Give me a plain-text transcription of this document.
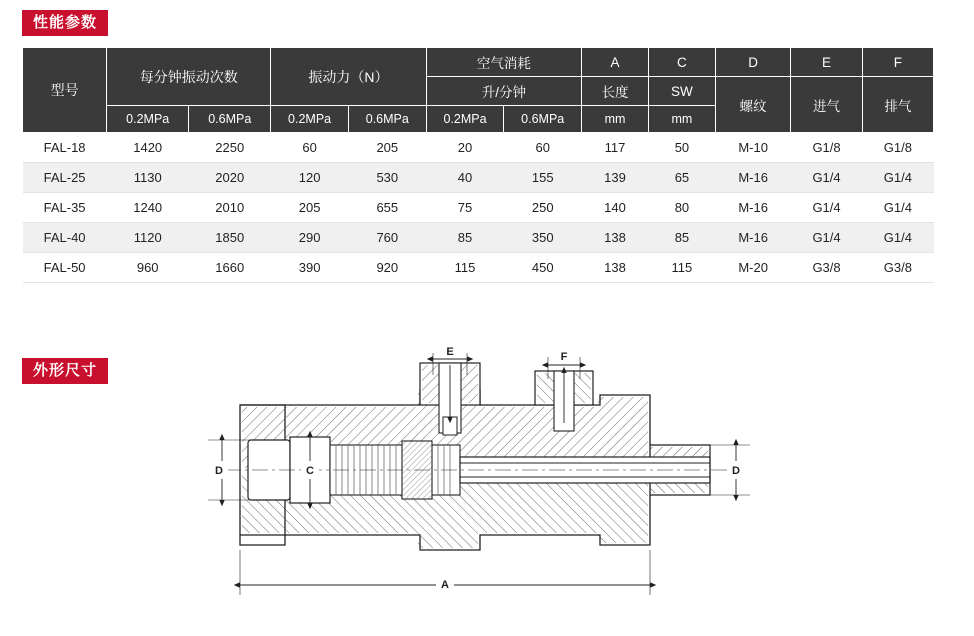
性能参数
型号	每分钟振动次数		振动力（N）		空气消耗		A	C	D	E	F
					升/分钟		长度	SW	螺纹	进气	排气
	0.2MPa	0.6MPa	0.2MPa	0.6MPa	0.2MPa	0.6MPa	mm	mm			
FAL-18	1420	2250	60	205	20	60	117	50	M-10	G1/8	G1/8
FAL-25	1130	2020	120	530	40	155	139	65	M-16	G1/4	G1/4
FAL-35	1240	2010	205	655	75	250	140	80	M-16	G1/4	G1/4
FAL-40	1120	1850	290	760	85	350	138	85	M-16	G1/4	G1/4
FAL-50	960	1660	390	920	115	450	138	115	M-20	G3/8	G3/8
外形尺寸
E	F
D	C	D
A
